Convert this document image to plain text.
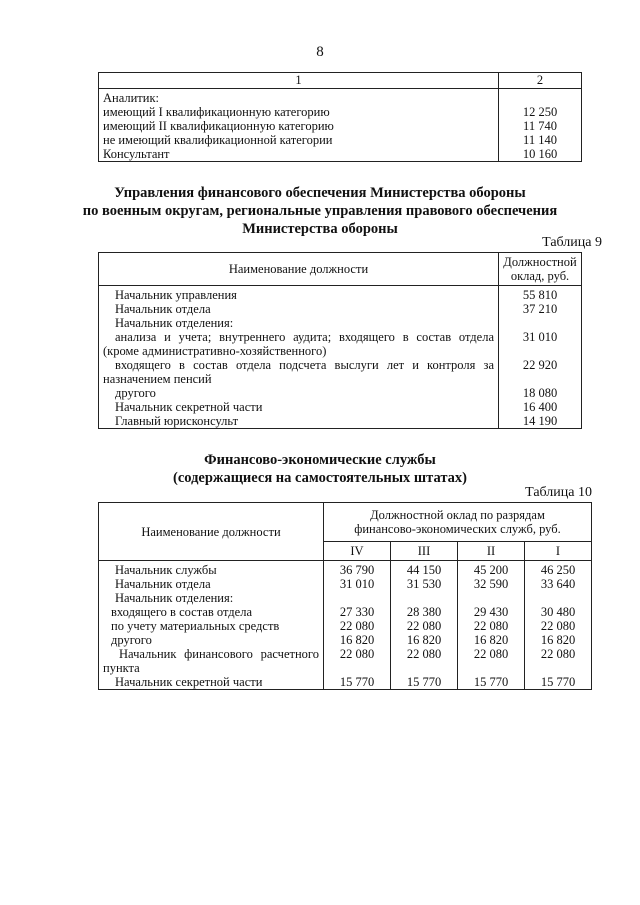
8
1	2
Аналитик:	
имеющий I квалификационную категорию	12 250
имеющий II квалификационную категорию	11 740
не имеющий квалификационной категории	11 140
Консультант	10 160
Управления финансового обеспечения Министерства обороны
по военным округам, региональные управления правового обеспечения
Министерства обороны
Таблица 9
Наименование должности	Должностной
оклад, руб.

Начальник управления	55 810
Начальник отдела	37 210
Начальник отделения:	

анализа и учета; внутреннего аудита; входящего в состав отдела
(кроме административно-хозяйственного)	31 010

входящего в состав отдела подсчета выслуги лет и контроля за
назначением пенсий	22 920
другого	18 080
Начальник секретной части	16 400
Главный юрисконсульт	14 190
Финансово-экономические службы
(содержащиеся на самостоятельных штатах)
Таблица 10
Наименование должности	Должностной оклад по разрядам
финансово-экономических служб, руб.			

	IV	III	II	I
Начальник службы	36 790	44 150	45 200	46 250
Начальник отдела	31 010	31 530	32 590	33 640
Начальник отделения:				
входящего в состав отдела	27 330	28 380	29 430	30 480
по учету материальных средств	22 080	22 080	22 080	22 080
другого	16 820	16 820	16 820	16 820

Начальник финансового расчетного
пункта	22 080	22 080	22 080	22 080
Начальник секретной части	15 770	15 770	15 770	15 770
